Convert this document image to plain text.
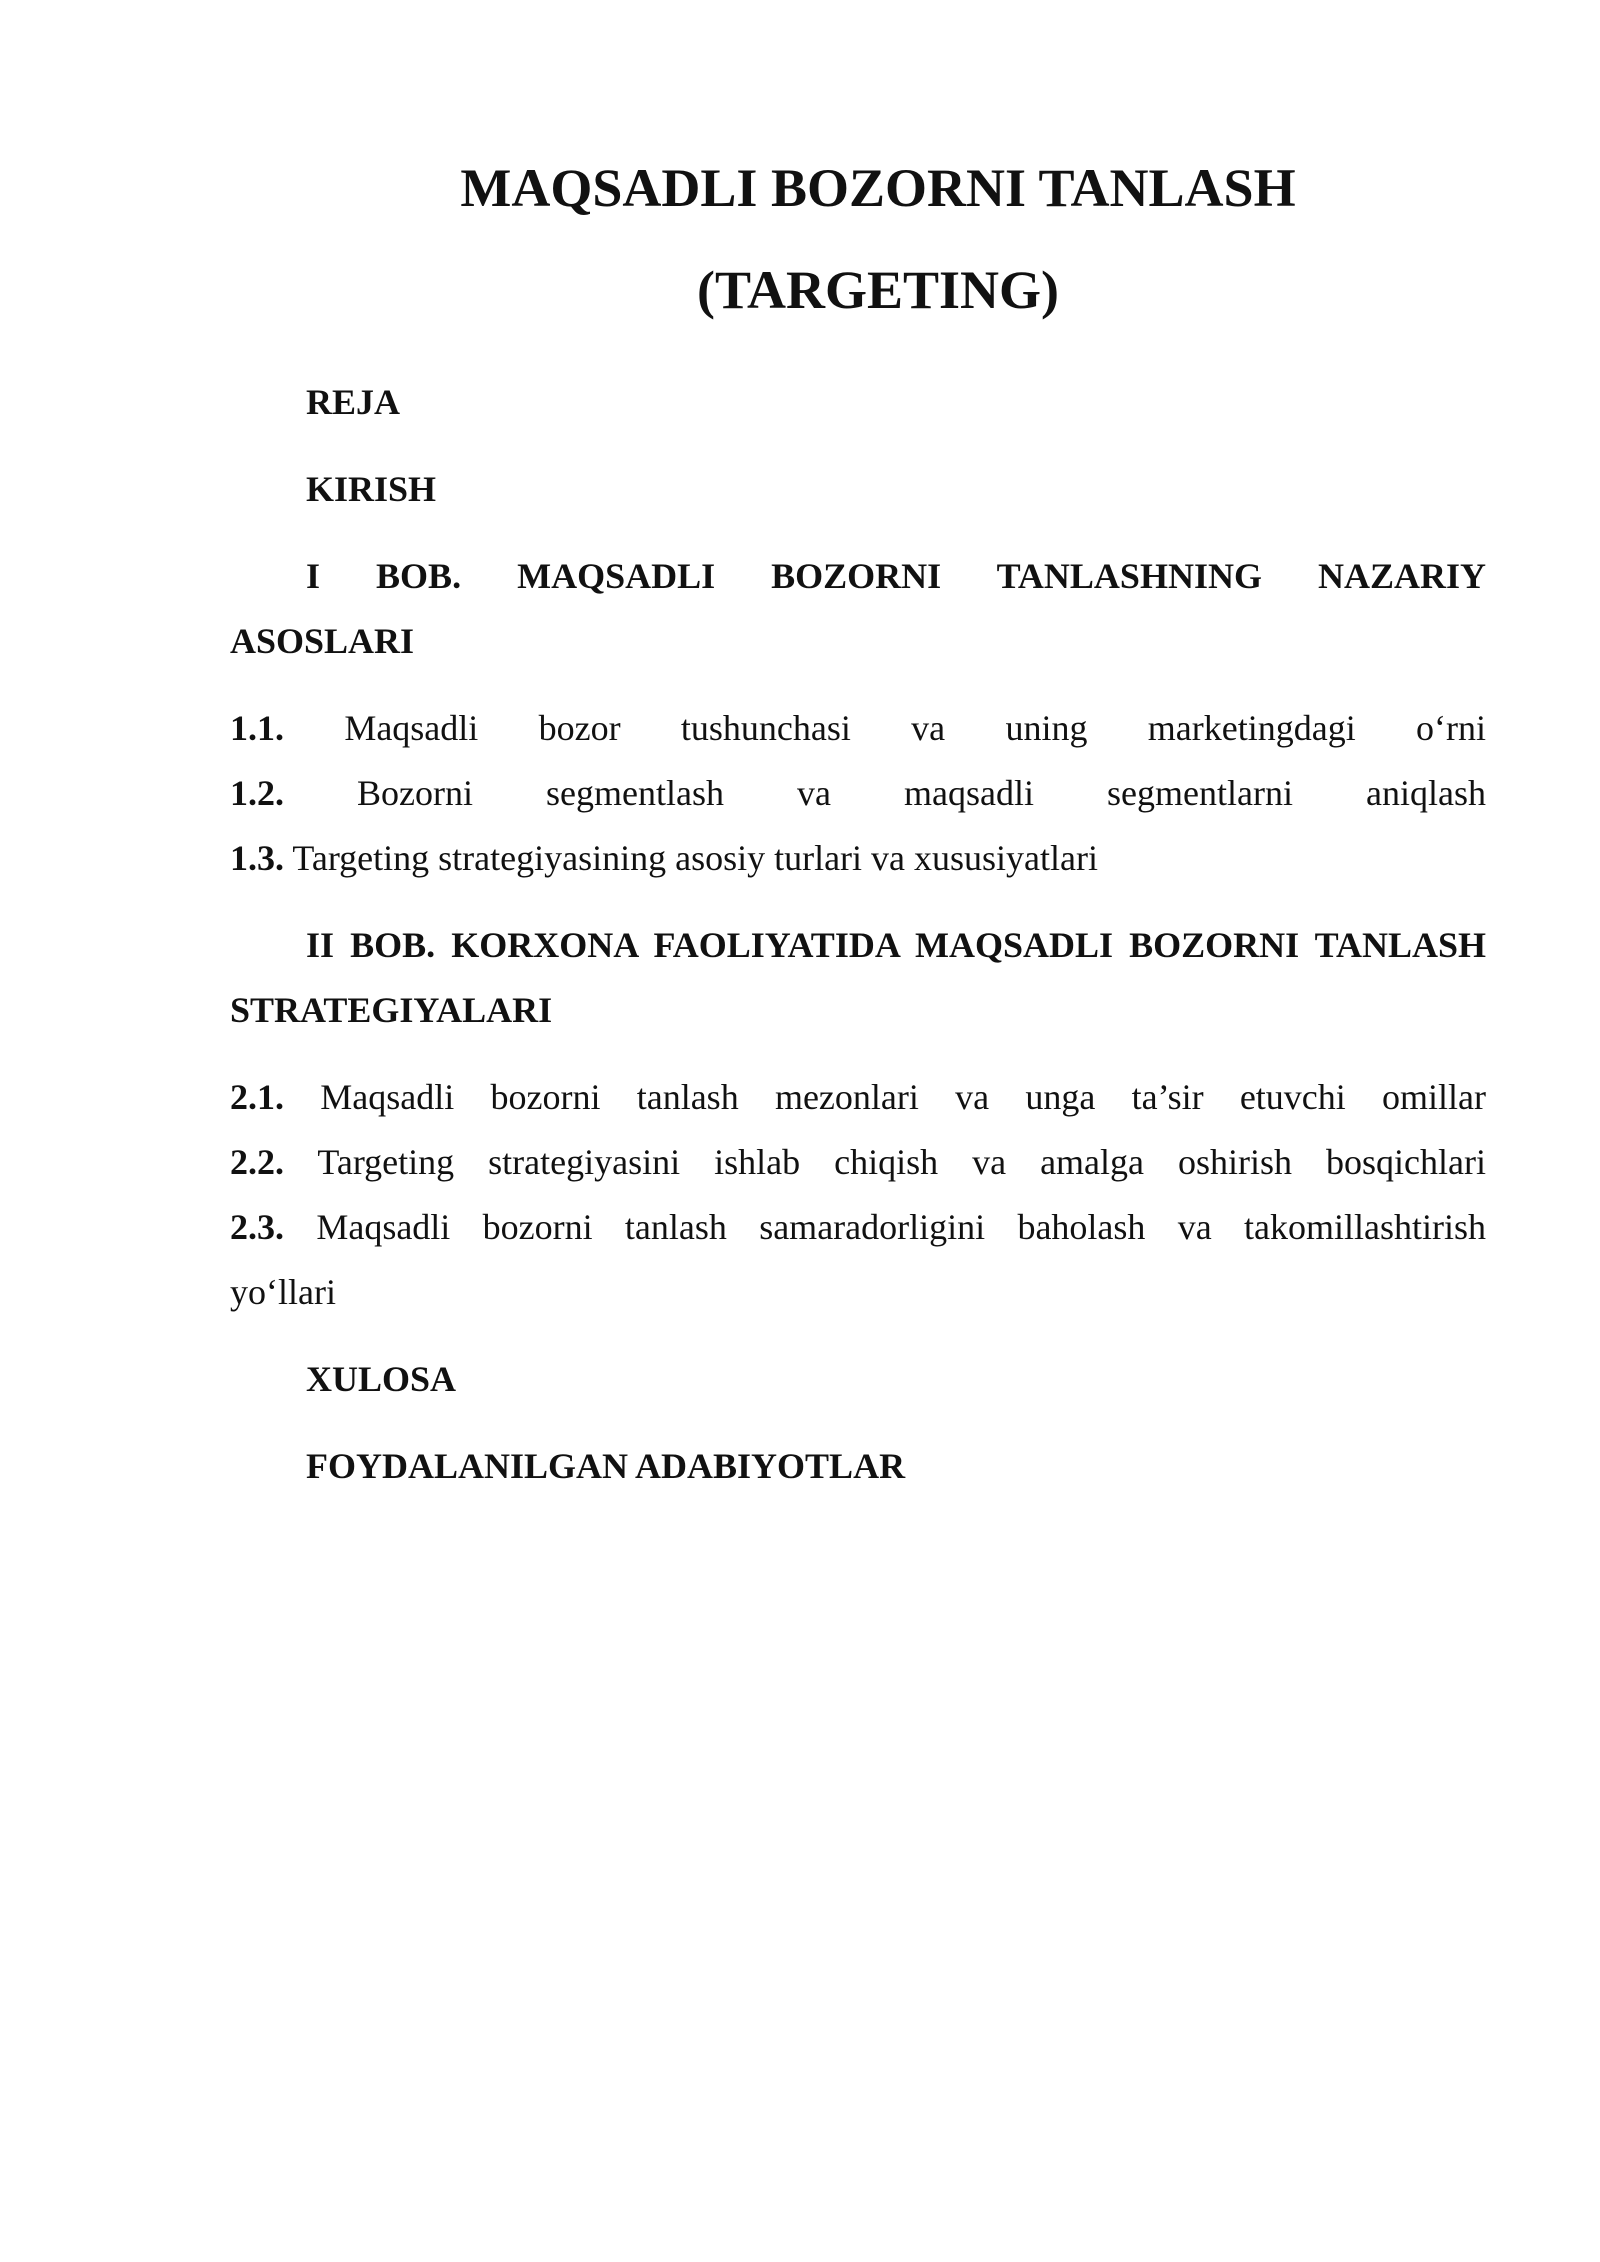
MAQSADLI BOZORNI TANLASH
(TARGETING)

REJA

KIRISH

I BOB. MAQSADLI BOZORNI TANLASHNING NAZARIY
ASOSLARI
1.1. Maqsadli bozor tushunchasi va uning marketingdagi o‘rni
1.2. Bozorni segmentlash va maqsadli segmentlarni aniqlash
1.3. Targeting strategiyasining asosiy turlari va xususiyatlari
II BOB. KORXONA FAOLIYATIDA MAQSADLI BOZORNI TANLASH
STRATEGIYALARI
2.1. Maqsadli bozorni tanlash mezonlari va unga ta’sir etuvchi omillar
2.2. Targeting strategiyasini ishlab chiqish va amalga oshirish bosqichlari
2.3. Maqsadli bozorni tanlash samaradorligini baholash va takomillashtirish
yo‘llari

XULOSA

FOYDALANILGAN ADABIYOTLAR
